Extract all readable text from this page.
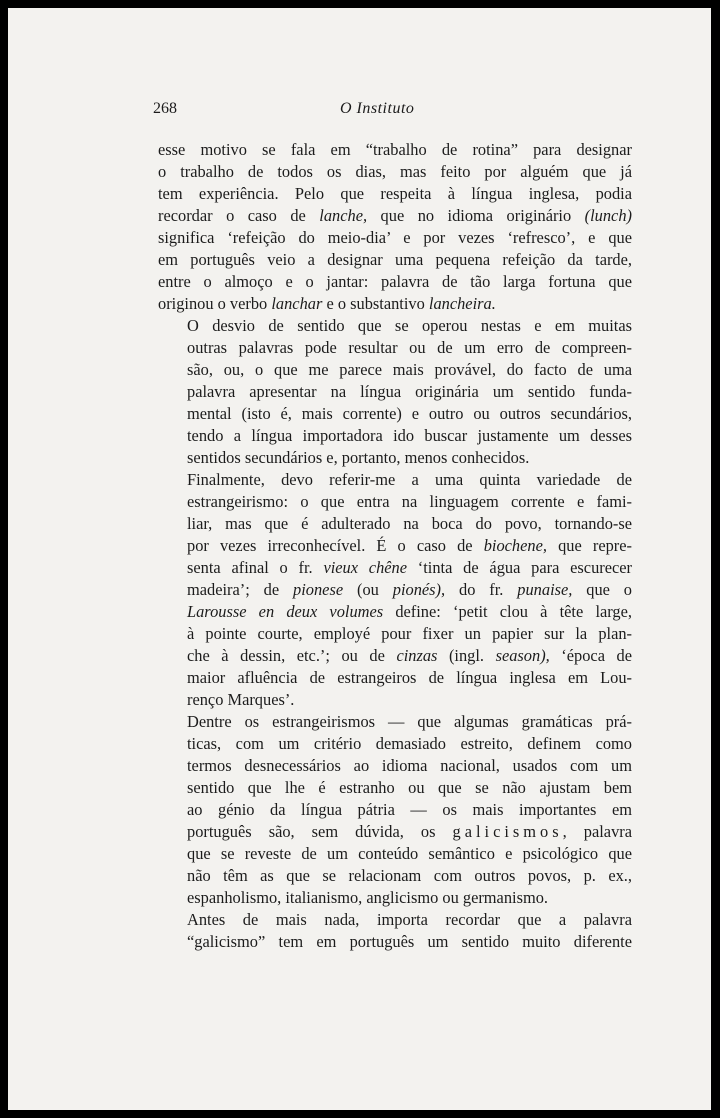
268	O Instituto
esse motivo se fala em “trabalho de rotina” para designar
o trabalho de todos os dias, mas feito por alguém que já
tem experiência. Pelo que respeita à língua inglesa, podia
recordar o caso de lanche, que no idioma originário (lunch)
significa ‘refeição do meio-dia’ e por vezes ‘refresco’, e que
em português veio a designar uma pequena refeição da tarde,
entre o almoço e o jantar: palavra de tão larga fortuna que
originou o verbo lanchar e o substantivo lancheira.
O desvio de sentido que se operou nestas e em muitas
outras palavras pode resultar ou de um erro de compreen-
são, ou, o que me parece mais provável, do facto de uma
palavra apresentar na língua originária um sentido funda-
mental (isto é, mais corrente) e outro ou outros secundários,
tendo a língua importadora ido buscar justamente um desses
sentidos secundários e, portanto, menos conhecidos.
Finalmente, devo referir-me a uma quinta variedade de
estrangeirismo: o que entra na linguagem corrente e fami-
liar, mas que é adulterado na boca do povo, tornando-se
por vezes irreconhecível. É o caso de biochene, que repre-
senta afinal o fr. vieux chêne ‘tinta de água para escurecer
madeira’; de pionese (ou pionés), do fr. punaise, que o
Larousse en deux volumes define: ‘petit clou à tête large,
à pointe courte, employé pour fixer un papier sur la plan-
che à dessin, etc.’; ou de cinzas (ingl. season), ‘época de
maior afluência de estrangeiros de língua inglesa em Lou-
renço Marques’.
Dentre os estrangeirismos — que algumas gramáticas prá-
ticas, com um critério demasiado estreito, definem como
termos desnecessários ao idioma nacional, usados com um
sentido que lhe é estranho ou que se não ajustam bem
ao génio da língua pátria — os mais importantes em
português são, sem dúvida, os galicismos, palavra
que se reveste de um conteúdo semântico e psicológico que
não têm as que se relacionam com outros povos, p. ex.,
espanholismo, italianismo, anglicismo ou germanismo.
Antes de mais nada, importa recordar que a palavra
“galicismo” tem em português um sentido muito diferente
